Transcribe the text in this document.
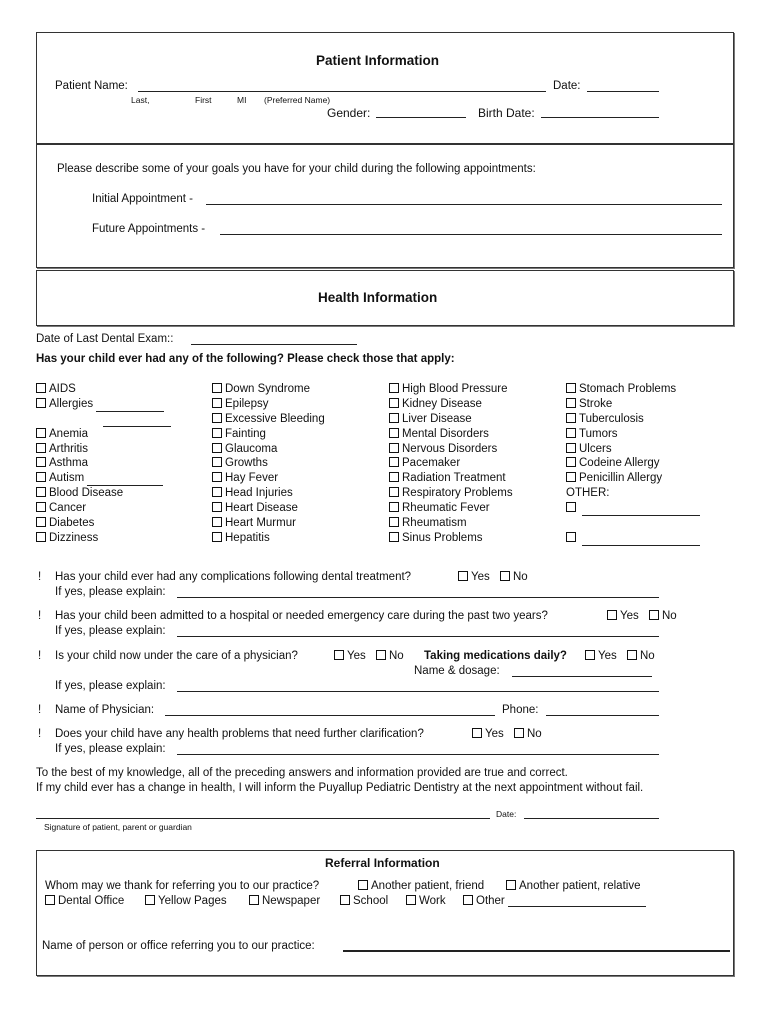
Patient Information
Patient Name:	Date:
Last,	First	MI (Preferred Name)
Gender:	Birth Date:
Please describe some of your goals you have for your child during the following appointments:
Initial Appointment -
Future Appointments -
Health Information
Date of Last Dental Exam::
Has your child ever had any of the following? Please check those that apply:
AIDS
Allergies
Anemia
Arthritis
Asthma
Autism
Blood Disease
Cancer
Diabetes
Dizziness
Down Syndrome
Epilepsy
Excessive Bleeding
Fainting
Glaucoma
Growths
Hay Fever
Head Injuries
Heart Disease
Heart Murmur
Hepatitis
High Blood Pressure
Kidney Disease
Liver Disease
Mental Disorders
Nervous Disorders
Pacemaker
Radiation Treatment
Respiratory Problems
Rheumatic Fever
Rheumatism
Sinus Problems
Stomach Problems
Stroke
Tuberculosis
Tumors
Ulcers
Codeine Allergy
Penicillin Allergy
OTHER:

! Has your child ever had any complications following dental treatment?	Yes	No
If yes, please explain:
! Has your child been admitted to a hospital or needed emergency care during the past two years?	Yes	No
If yes, please explain:
! Is your child now under the care of a physician?	Yes	No Taking medications daily?	Yes	No
Name & dosage:
If yes, please explain:
! Name of Physician:	Phone:
! Does your child have any health problems that need further clarification?	Yes	No
If yes, please explain:
To the best of my knowledge, all of the preceding answers and information provided are true and correct.
If my child ever has a change in health, I will inform the Puyallup Pediatric Dentistry at the next appointment without fail.
Date:
Signature of patient, parent or guardian
Referral Information
Whom may we thank for referring you to our practice?	Another patient, friend	Another patient, relative
Dental Office	Yellow Pages	Newspaper	School	Work	Other
Name of person or office referring you to our practice:
